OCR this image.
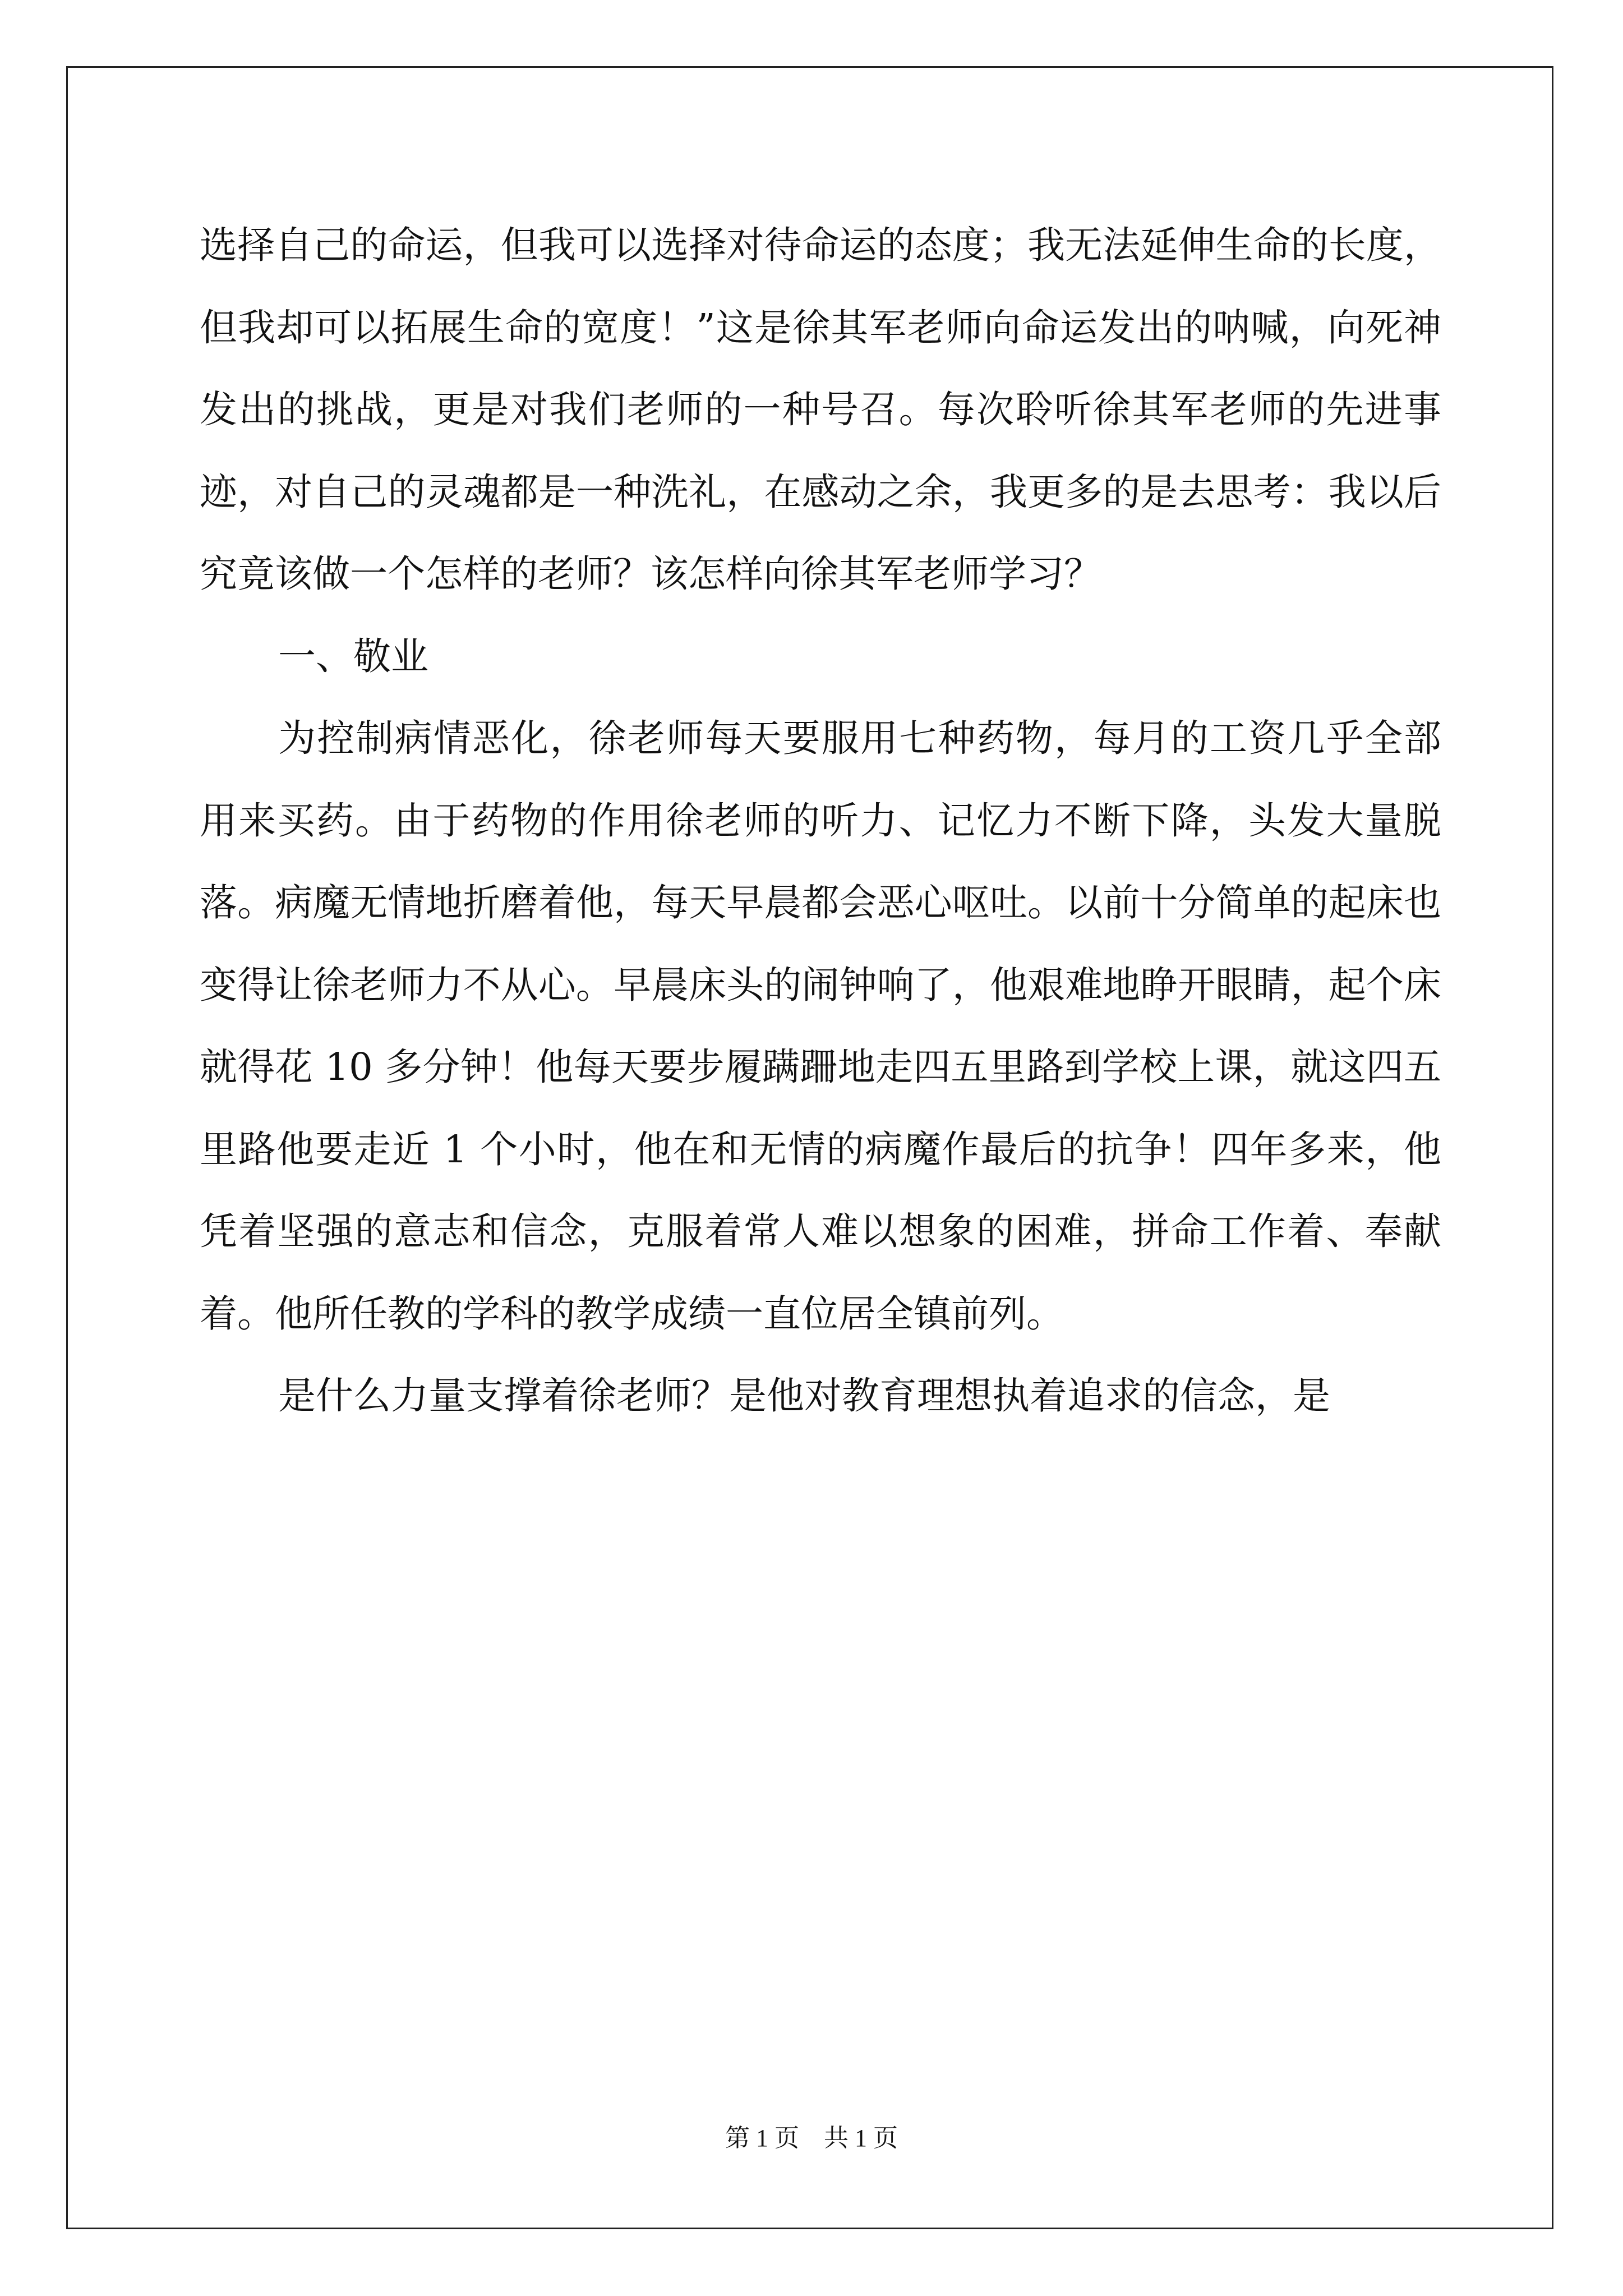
选择自己的命运，但我可以选择对待命运的态度；我无法延伸生命的长度，但我却可以拓展生命的宽度！”这是徐其军老师向命运发出的呐喊，向死神发出的挑战，更是对我们老师的一种号召。每次聆听徐其军老师的先进事迹，对自己的灵魂都是一种洗礼，在感动之余，我更多的是去思考：我以后究竟该做一个怎样的老师？该怎样向徐其军老师学习？

一、敬业

为控制病情恶化，徐老师每天要服用七种药物，每月的工资几乎全部用来买药。由于药物的作用徐老师的听力、记忆力不断下降，头发大量脱落。病魔无情地折磨着他，每天早晨都会恶心呕吐。以前十分简单的起床也变得让徐老师力不从心。早晨床头的闹钟响了，他艰难地睁开眼睛，起个床就得花 10 多分钟！他每天要步履蹒跚地走四五里路到学校上课，就这四五里路他要走近 1 个小时，他在和无情的病魔作最后的抗争！四年多来，他凭着坚强的意志和信念，克服着常人难以想象的困难，拼命工作着、奉献着。他所任教的学科的教学成绩一直位居全镇前列。

是什么力量支撑着徐老师？是他对教育理想执着追求的信念，是

第 1 页 共 1 页
